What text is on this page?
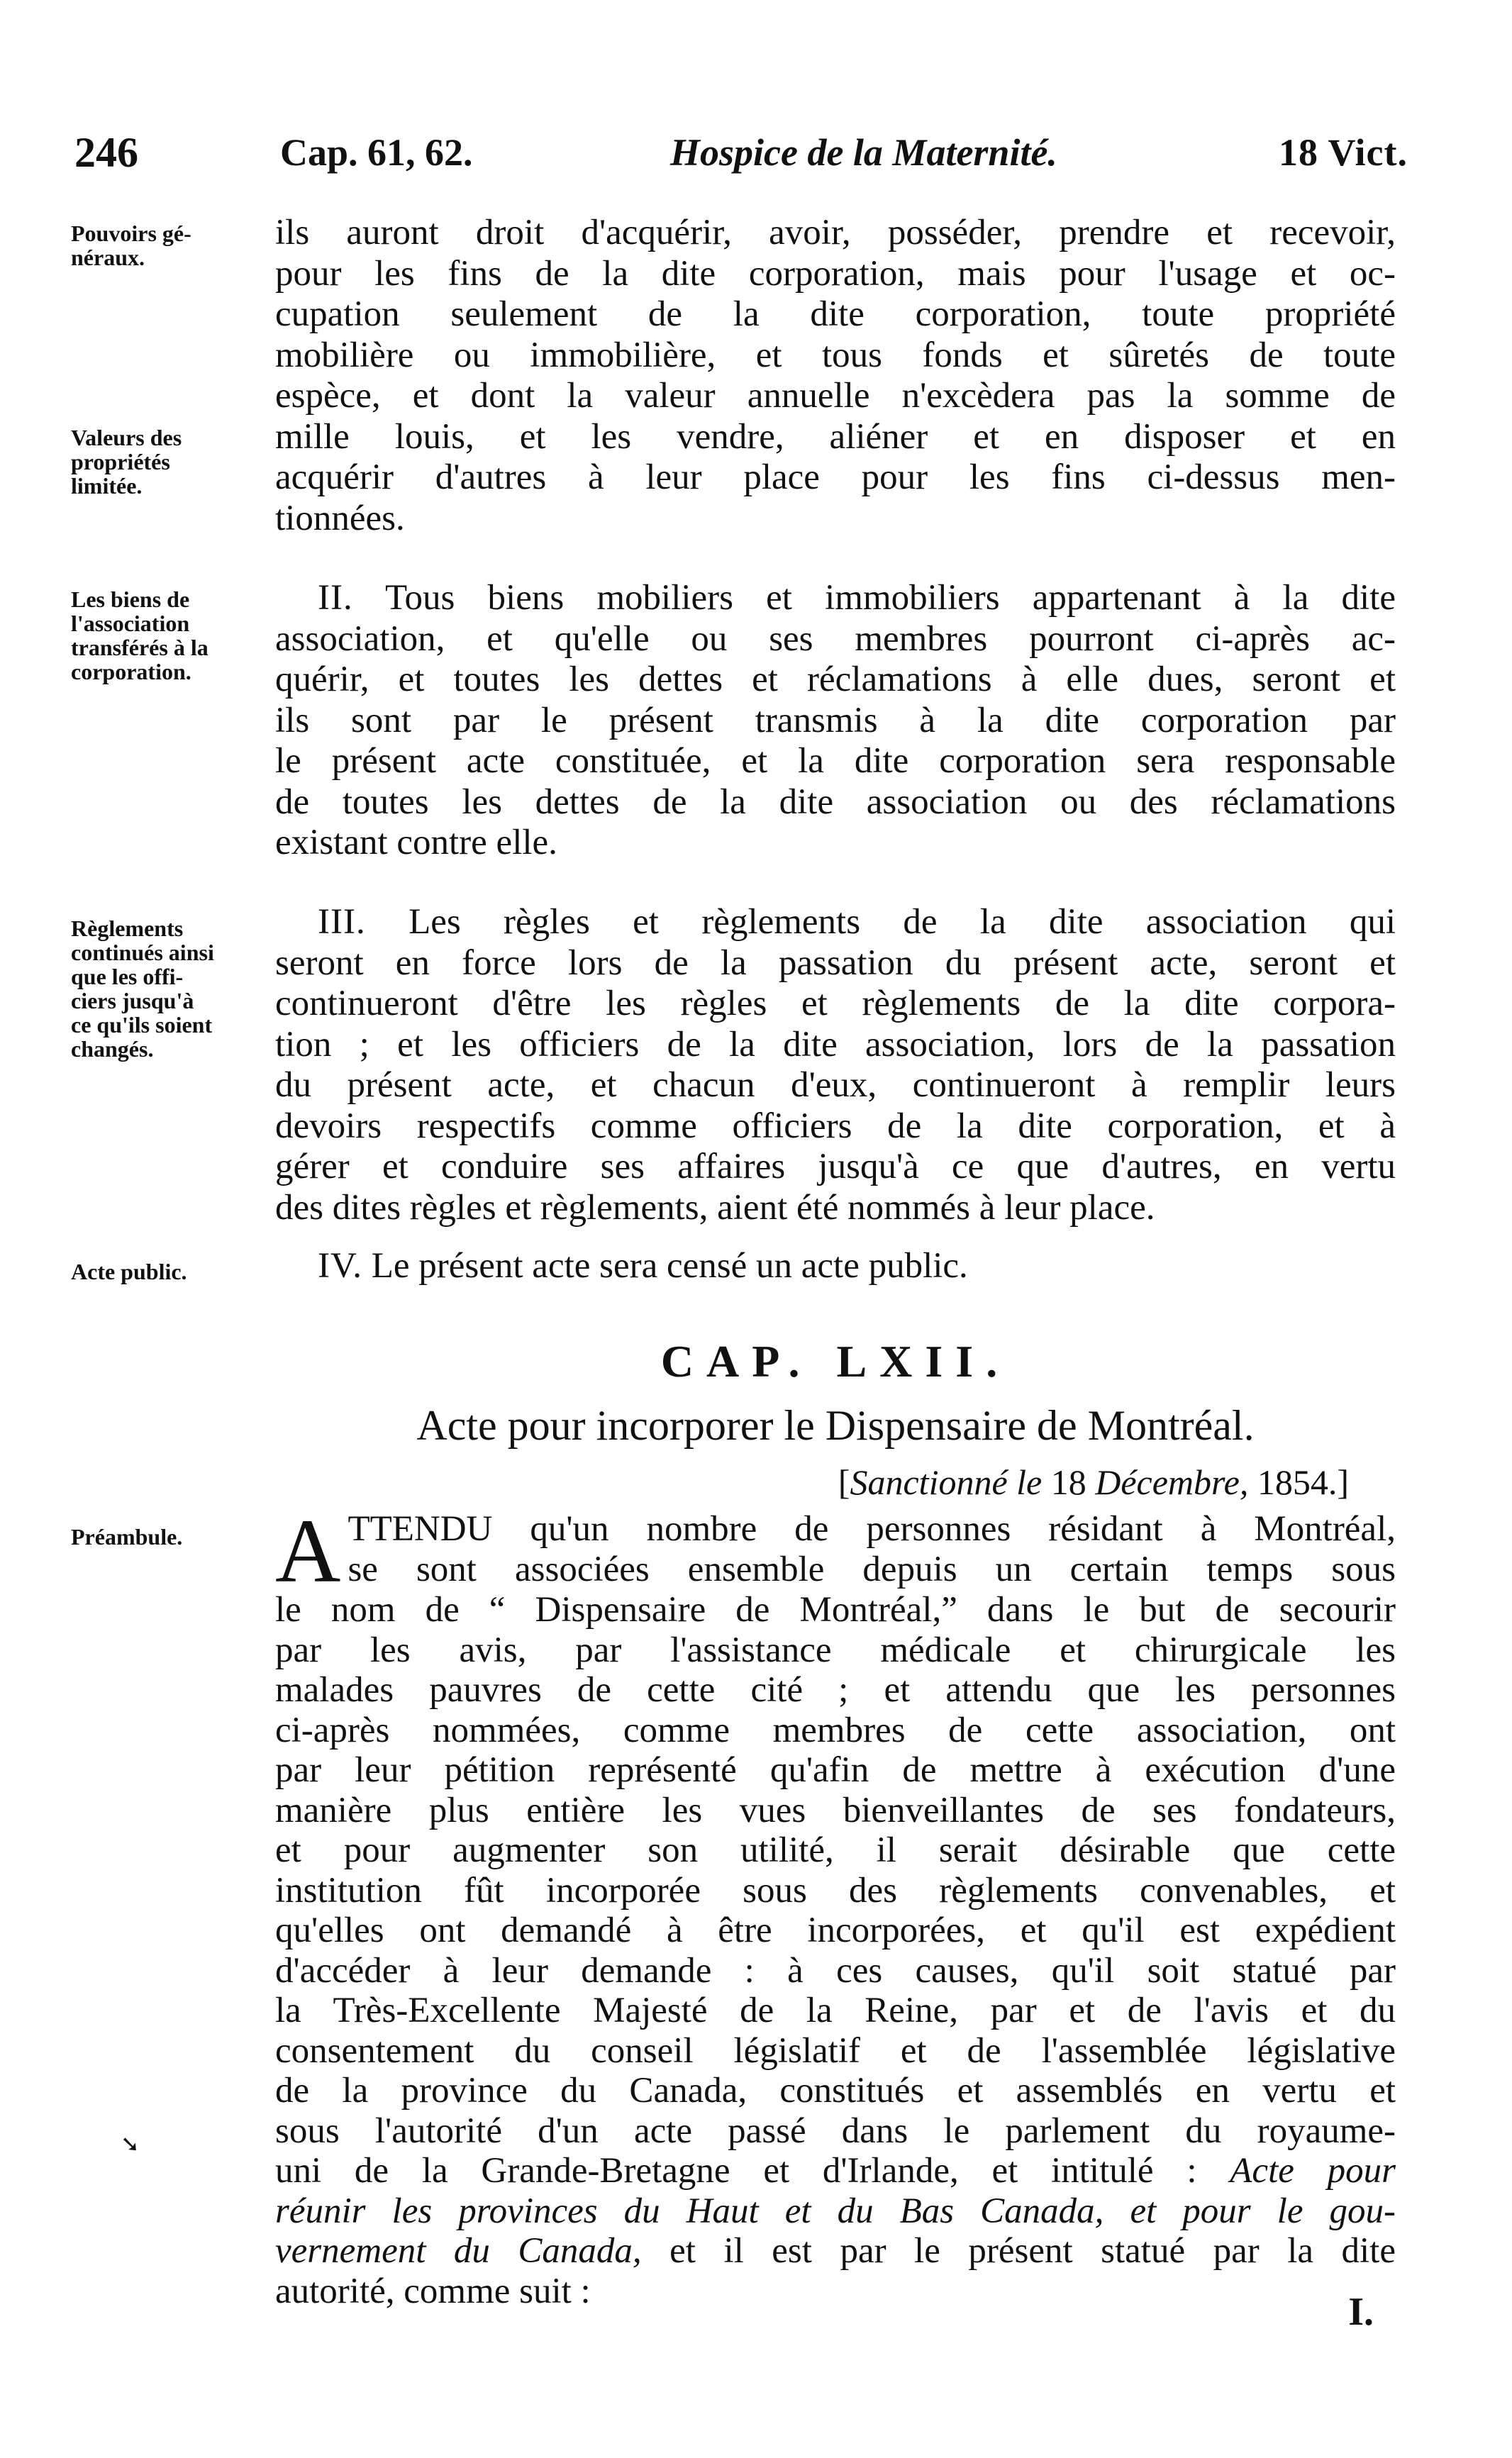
246	Cap. 61, 62.	Hospice de la Maternité.	18 Vict.
Pouvoirs gé-
néraux.
Valeurs des
propriétés
limitée.
Les biens de
l'association
transférés à la
corporation.
Règlements
continués ainsi
que les offi-
ciers jusqu'à
ce qu'ils soient
changés.
Acte public.
Préambule.
ils auront droit d'acquérir, avoir, posséder, prendre et recevoir,
pour les fins de la dite corporation, mais pour l'usage et oc-
cupation seulement de la dite corporation, toute propriété
mobilière ou immobilière, et tous fonds et sûretés de toute
espèce, et dont la valeur annuelle n'excèdera pas la somme de
mille louis, et les vendre, aliéner et en disposer et en
acquérir d'autres à leur place pour les fins ci-dessus men-
tionnées.
II. Tous biens mobiliers et immobiliers appartenant à la dite
association, et qu'elle ou ses membres pourront ci-après ac-
quérir, et toutes les dettes et réclamations à elle dues, seront et
ils sont par le présent transmis à la dite corporation par
le présent acte constituée, et la dite corporation sera responsable
de toutes les dettes de la dite association ou des réclamations
existant contre elle.
III. Les règles et règlements de la dite association qui
seront en force lors de la passation du présent acte, seront et
continueront d'être les règles et règlements de la dite corpora-
tion ; et les officiers de la dite association, lors de la passation
du présent acte, et chacun d'eux, continueront à remplir leurs
devoirs respectifs comme officiers de la dite corporation, et à
gérer et conduire ses affaires jusqu'à ce que d'autres, en vertu
des dites règles et règlements, aient été nommés à leur place.
IV. Le présent acte sera censé un acte public.
CAP. LXII.
Acte pour incorporer le Dispensaire de Montréal.
[Sanctionné le 18 Décembre, 1854.]
A TTENDU qu'un nombre de personnes résidant à Montréal,
se sont associées ensemble depuis un certain temps sous
le nom de “ Dispensaire de Montréal,” dans le but de secourir
par les avis, par l'assistance médicale et chirurgicale les
malades pauvres de cette cité ; et attendu que les personnes
ci-après nommées, comme membres de cette association, ont
par leur pétition représenté qu'afin de mettre à exécution d'une
manière plus entière les vues bienveillantes de ses fondateurs,
et pour augmenter son utilité, il serait désirable que cette
institution fût incorporée sous des règlements convenables, et
qu'elles ont demandé à être incorporées, et qu'il est expédient
d'accéder à leur demande : à ces causes, qu'il soit statué par
la Très-Excellente Majesté de la Reine, par et de l'avis et du
consentement du conseil législatif et de l'assemblée législative
de la province du Canada, constitués et assemblés en vertu et
sous l'autorité d'un acte passé dans le parlement du royaume-
uni de la Grande-Bretagne et d'Irlande, et intitulé : Acte pour
réunir les provinces du Haut et du Bas Canada, et pour le gou-
vernement du Canada, et il est par le présent statué par la dite
autorité, comme suit :
➘
I.
